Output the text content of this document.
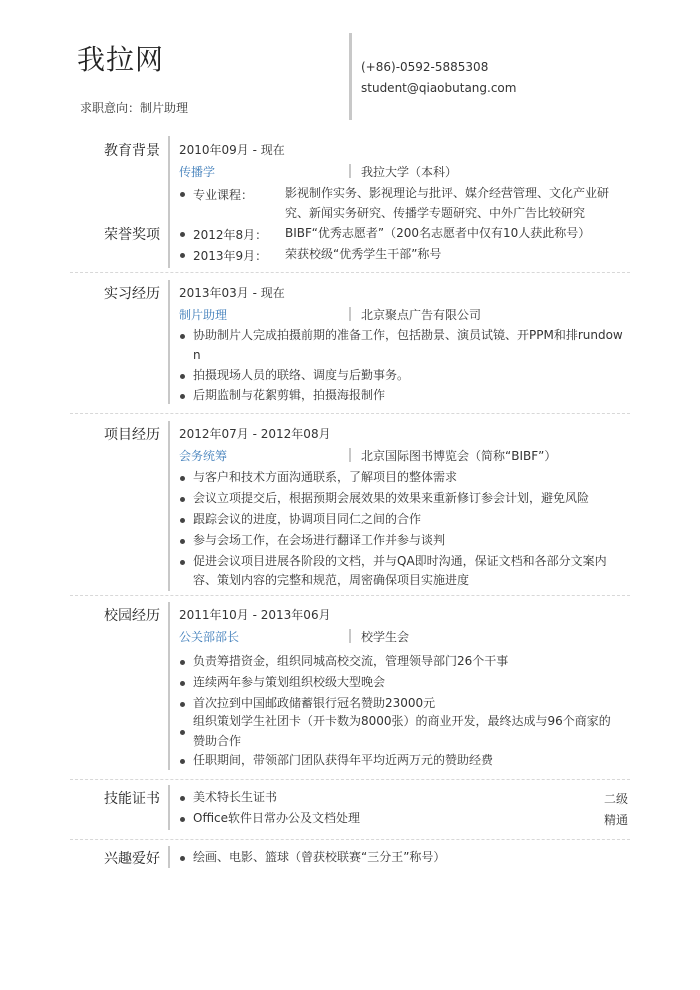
我拉网
求职意向：制片助理
(+86)-0592-5885308
student@qiaobutang.com
教育背景 2010年09月 - 现在
传播学	我拉大学（本科）
专业课程：	影视制作实务、影视理论与批评、媒介经营管理、文化产业研
究、新闻实务研究、传播学专题研究、中外广告比较研究
荣誉奖项	2012年8月： BIBF“优秀志愿者”（200名志愿者中仅有10人获此称号）
2013年9月： 荣获校级“优秀学生干部”称号
实习经历 2013年03月 - 现在
制片助理	北京聚点广告有限公司
协助制片人完成拍摄前期的准备工作，包括勘景、演员试镜、开PPM和排rundow
n
拍摄现场人员的联络、调度与后勤事务。
后期监制与花絮剪辑，拍摄海报制作
项目经历 2012年07月 - 2012年08月
会务统筹	北京国际图书博览会（简称“BIBF”）
与客户和技术方面沟通联系，了解项目的整体需求
会议立项提交后，根据预期会展效果的效果来重新修订参会计划，避免风险
跟踪会议的进度，协调项目同仁之间的合作
参与会场工作，在会场进行翻译工作并参与谈判
促进会议项目进展各阶段的文档，并与QA即时沟通，保证文档和各部分文案内
容、策划内容的完整和规范，周密确保项目实施进度
校园经历 2011年10月 - 2013年06月
公关部部长	校学生会
负责筹措资金，组织同城高校交流，管理领导部门26个干事
连续两年参与策划组织校级大型晚会
首次拉到中国邮政储蓄银行冠名赞助23000元
组织策划学生社团卡（开卡数为8000张）的商业开发，最终达成与96个商家的
赞助合作
任职期间，带领部门团队获得年平均近两万元的赞助经费
技能证书	美术特长生证书	二级
Office软件日常办公及文档处理	精通
兴趣爱好	绘画、电影、篮球（曾获校联赛“三分王”称号）
